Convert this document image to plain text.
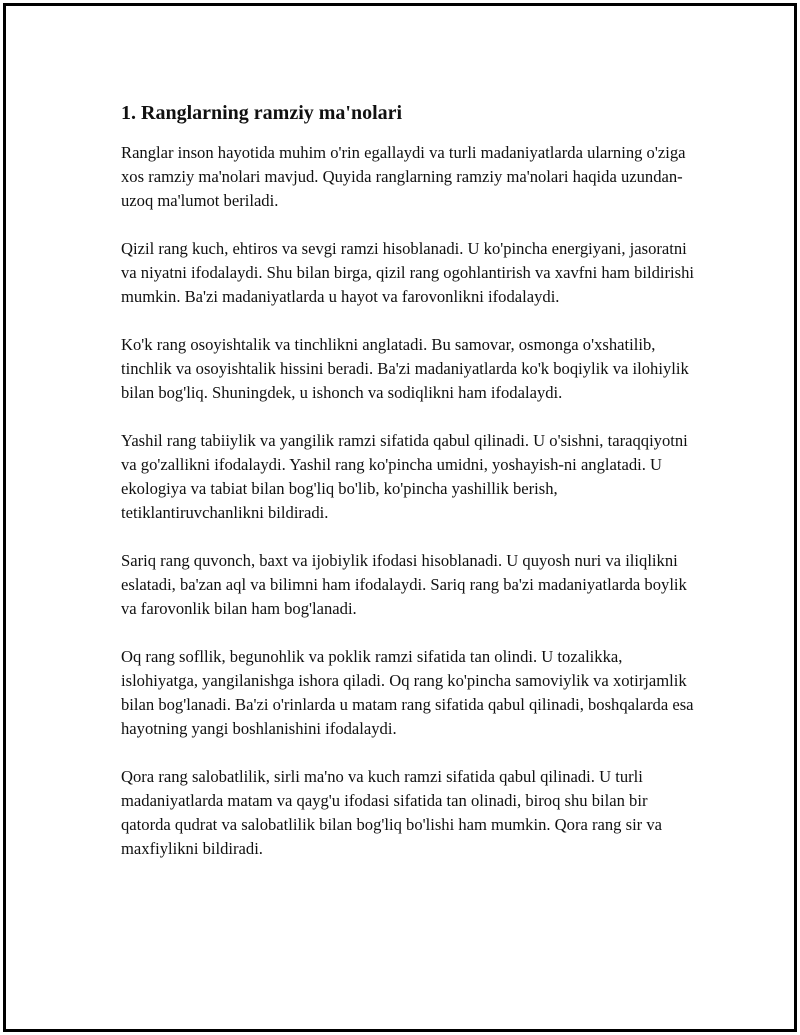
1. Ranglarning ramziy ma'nolari

Ranglar inson hayotida muhim o'rin egallaydi va turli madaniyatlarda ularning o'ziga xos ramziy ma'nolari mavjud. Quyida ranglarning ramziy ma'nolari haqida uzundan-uzoq ma'lumot beriladi.

Qizil rang kuch, ehtiros va sevgi ramzi hisoblanadi. U ko'pincha energiyani, jasoratni va niyatni ifodalaydi. Shu bilan birga, qizil rang ogohlantirish va xavfni ham bildirishi mumkin. Ba'zi madaniyatlarda u hayot va farovonlikni ifodalaydi.

Ko'k rang osoyishtalik va tinchlikni anglatadi. Bu samovar, osmonga o'xshatilib, tinchlik va osoyishtalik hissini beradi. Ba'zi madaniyatlarda ko'k boqiylik va ilohiylik bilan bog'liq. Shuningdek, u ishonch va sodiqlikni ham ifodalaydi.

Yashil rang tabiiylik va yangilik ramzi sifatida qabul qilinadi. U o'sishni, taraqqiyotni va go'zallikni ifodalaydi. Yashil rang ko'pincha umidni, yoshayish-ni anglatadi. U ekologiya va tabiat bilan bog'liq bo'lib, ko'pincha yashillik berish, tetiklantiruvchanlikni bildiradi.

Sariq rang quvonch, baxt va ijobiylik ifodasi hisoblanadi. U quyosh nuri va iliqlikni eslatadi, ba'zan aql va bilimni ham ifodalaydi. Sariq rang ba'zi madaniyatlarda boylik va farovonlik bilan ham bog'lanadi.

Oq rang sofllik, begunohlik va poklik ramzi sifatida tan olindi. U tozalikka, islohiyatga, yangilanishga ishora qiladi. Oq rang ko'pincha samoviylik va xotirjamlik bilan bog'lanadi. Ba'zi o'rinlarda u matam rang sifatida qabul qilinadi, boshqalarda esa hayotning yangi boshlanishini ifodalaydi.

Qora rang salobatlilik, sirli ma'no va kuch ramzi sifatida qabul qilinadi. U turli madaniyatlarda matam va qayg'u ifodasi sifatida tan olinadi, biroq shu bilan bir qatorda qudrat va salobatlilik bilan bog'liq bo'lishi ham mumkin. Qora rang sir va maxfiylikni bildiradi.
